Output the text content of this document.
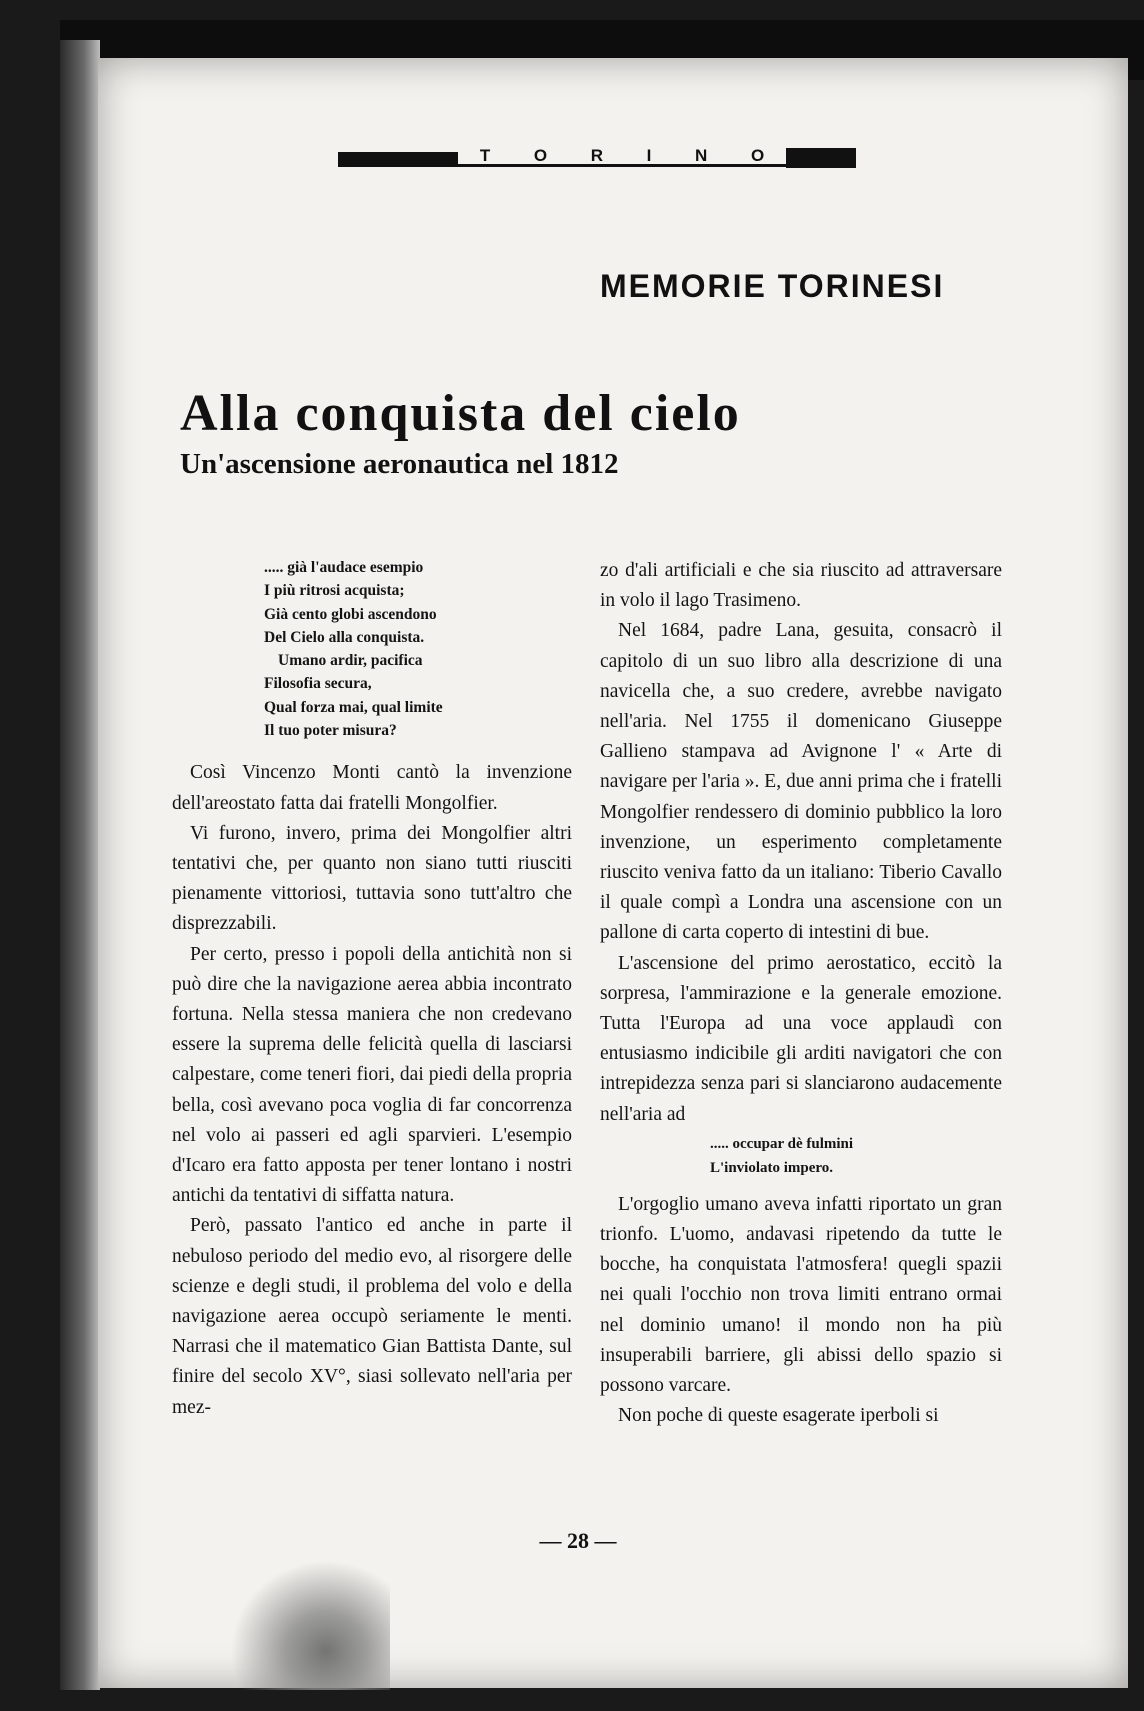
T	O	R	I	N	O
MEMORIE TORINESI
Alla conquista del cielo
Un'ascensione aeronautica nel 1812
..... già l'audace esempio
I più ritrosi acquista;
Già cento globi ascendono
Del Cielo alla conquista.
Umano ardir, pacifica
Filosofia secura,
Qual forza mai, qual limite
Il tuo poter misura?

Così Vincenzo Monti cantò la invenzione dell'areostato fatta dai fratelli Mongolfier.

Vi furono, invero, prima dei Mongolfier altri tentativi che, per quanto non siano tutti riusciti pienamente vittoriosi, tuttavia sono tutt'altro che disprezzabili.

Per certo, presso i popoli della antichità non si può dire che la navigazione aerea abbia incontrato fortuna. Nella stessa maniera che non credevano essere la suprema delle felicità quella di lasciarsi calpestare, come teneri fiori, dai piedi della propria bella, così avevano poca voglia di far concorrenza nel volo ai passeri ed agli sparvieri. L'esempio d'Icaro era fatto apposta per tener lontano i nostri antichi da tentativi di siffatta natura.

Però, passato l'antico ed anche in parte il nebuloso periodo del medio evo, al risorgere delle scienze e degli studi, il problema del volo e della navigazione aerea occupò seriamente le menti. Narrasi che il matematico Gian Battista Dante, sul finire del secolo XV°, siasi sollevato nell'aria per mez-

zo d'ali artificiali e che sia riuscito ad attraversare in volo il lago Trasimeno.

Nel 1684, padre Lana, gesuita, consacrò il capitolo di un suo libro alla descrizione di una navicella che, a suo credere, avrebbe navigato nell'aria. Nel 1755 il domenicano Giuseppe Gallieno stampava ad Avignone l' « Arte di navigare per l'aria ». E, due anni prima che i fratelli Mongolfier rendessero di dominio pubblico la loro invenzione, un esperimento completamente riuscito veniva fatto da un italiano: Tiberio Cavallo il quale compì a Londra una ascensione con un pallone di carta coperto di intestini di bue.

L'ascensione del primo aerostatico, eccitò la sorpresa, l'ammirazione e la generale emozione. Tutta l'Europa ad una voce applaudì con entusiasmo indicibile gli arditi navigatori che con intrepidezza senza pari si slanciarono audacemente nell'aria ad

..... occupar dè fulmini
L'inviolato impero.

L'orgoglio umano aveva infatti riportato un gran trionfo. L'uomo, andavasi ripetendo da tutte le bocche, ha conquistata l'atmosfera! quegli spazii nei quali l'occhio non trova limiti entrano ormai nel dominio umano! il mondo non ha più insuperabili barriere, gli abissi dello spazio si possono varcare.

Non poche di queste esagerate iperboli si

— 28 —
